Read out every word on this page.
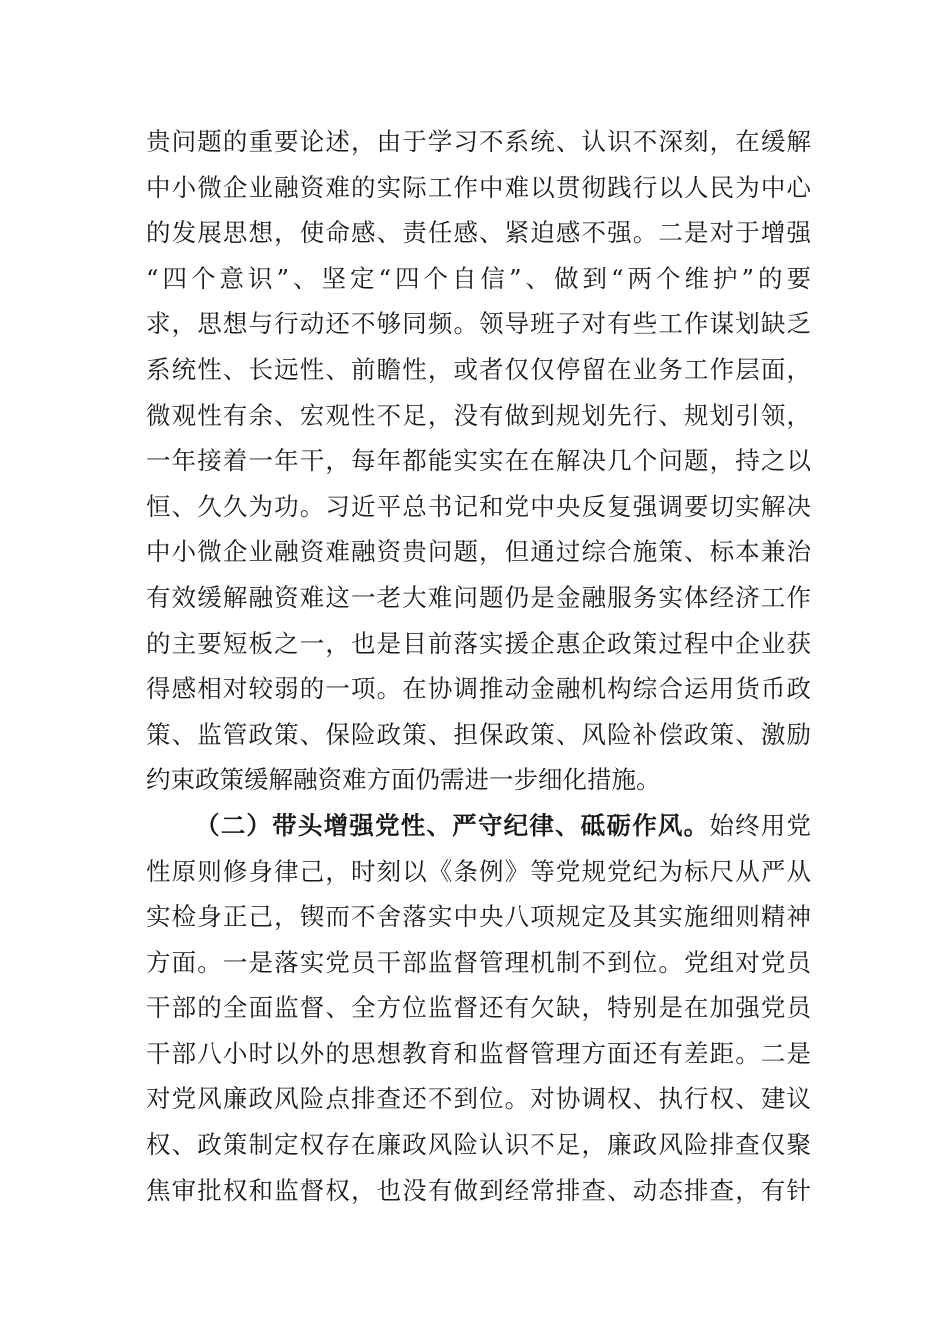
贵问题的重要论述，由于学习不系统、认识不深刻，在缓解
中小微企业融资难的实际工作中难以贯彻践行以人民为中心
的发展思想，使命感、责任感、紧迫感不强。二是对于增强
“四个意识”、坚定“四个自信”、做到“两个维护”的要
求，思想与行动还不够同频。领导班子对有些工作谋划缺乏
系统性、长远性、前瞻性，或者仅仅停留在业务工作层面，
微观性有余、宏观性不足，没有做到规划先行、规划引领，
一年接着一年干，每年都能实实在在解决几个问题，持之以
恒、久久为功。习近平总书记和党中央反复强调要切实解决
中小微企业融资难融资贵问题，但通过综合施策、标本兼治
有效缓解融资难这一老大难问题仍是金融服务实体经济工作
的主要短板之一，也是目前落实援企惠企政策过程中企业获
得感相对较弱的一项。在协调推动金融机构综合运用货币政
策、监管政策、保险政策、担保政策、风险补偿政策、激励
约束政策缓解融资难方面仍需进一步细化措施。
（二）带头增强党性、严守纪律、砥砺作风。始终用党
性原则修身律己，时刻以《条例》等党规党纪为标尺从严从
实检身正己，锲而不舍落实中央八项规定及其实施细则精神
方面。一是落实党员干部监督管理机制不到位。党组对党员
干部的全面监督、全方位监督还有欠缺，特别是在加强党员
干部八小时以外的思想教育和监督管理方面还有差距。二是
对党风廉政风险点排查还不到位。对协调权、执行权、建议
权、政策制定权存在廉政风险认识不足，廉政风险排查仅聚
焦审批权和监督权，也没有做到经常排查、动态排查，有针
